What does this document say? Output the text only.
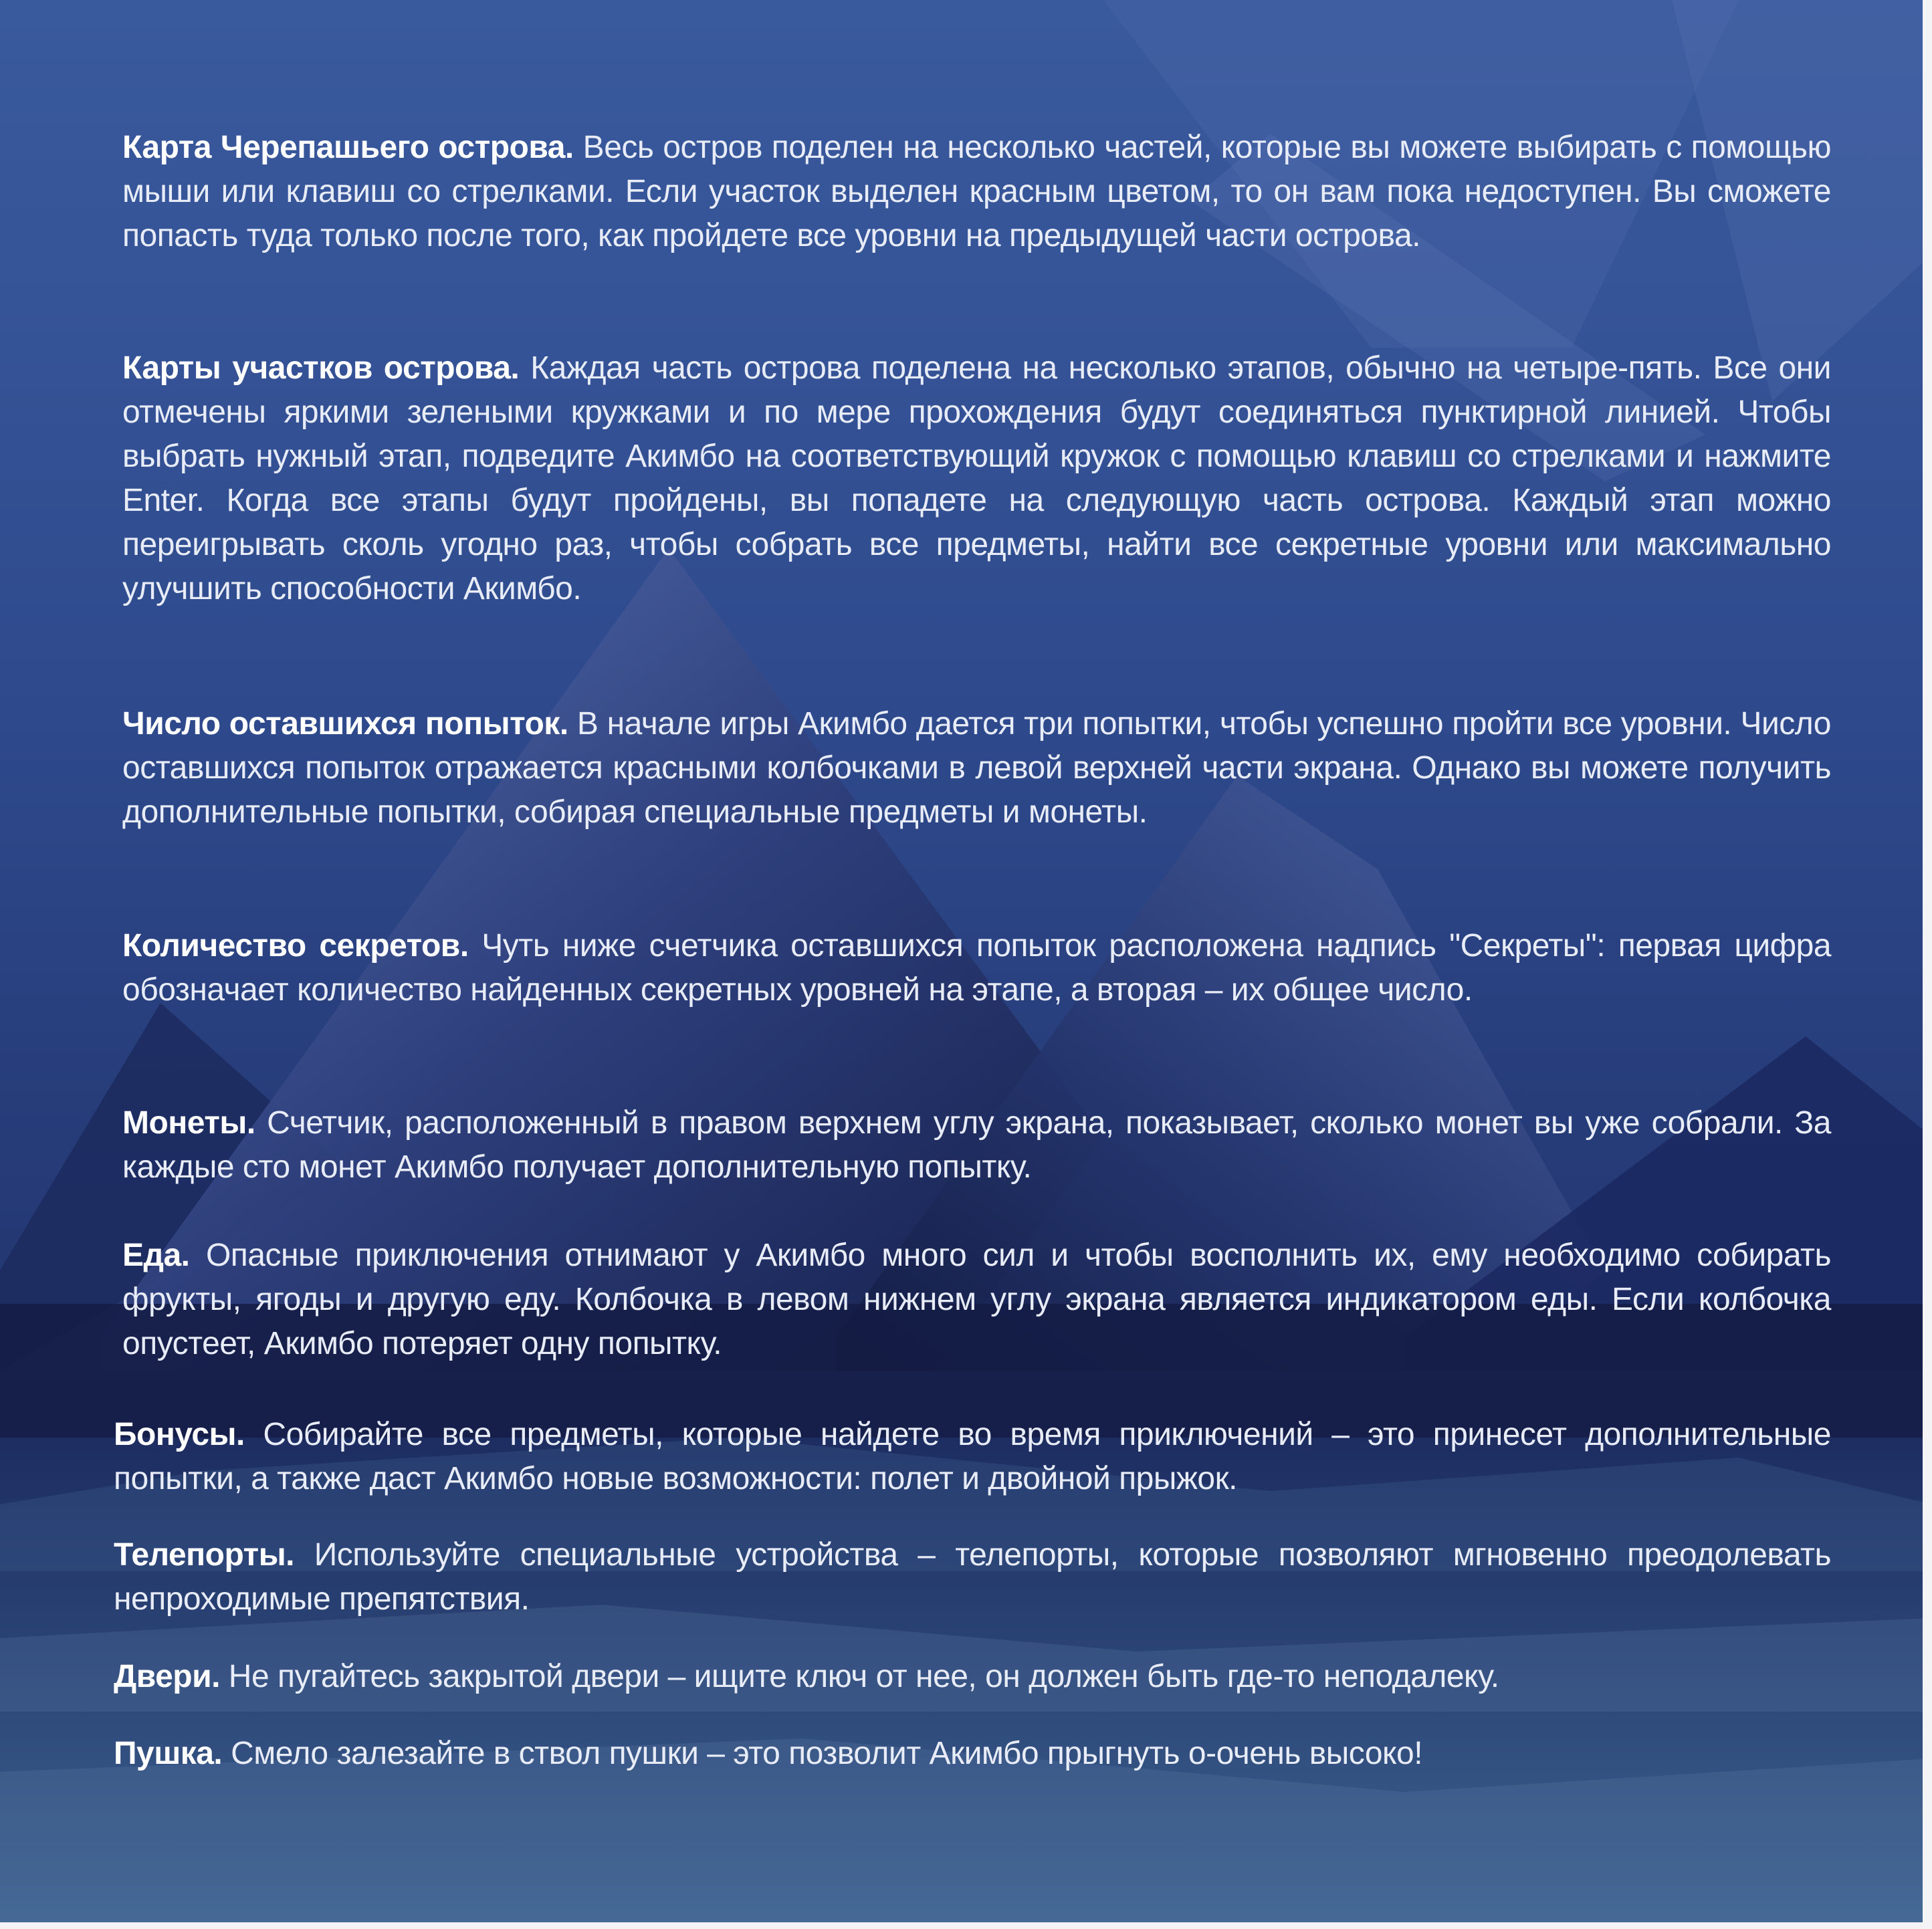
Карта Черепашьего острова. Весь остров поделен на несколько частей, которые вы можете выбирать с помощью мыши или клавиш со стрелками. Если участок выделен красным цветом, то он вам пока недоступен. Вы сможете попасть туда только после того, как пройдете все уровни на предыдущей части острова.

Карты участков острова. Каждая часть острова поделена на несколько этапов, обычно на четыре-пять. Все они отмечены яркими зелеными кружками и по мере прохождения будут соединяться пунктирной линией. Чтобы выбрать нужный этап, подведите Акимбо на соответствующий кружок с помощью клавиш со стрелками и нажмите Enter. Когда все этапы будут пройдены, вы попадете на следующую часть острова. Каждый этап можно переигрывать сколь угодно раз, чтобы собрать все предметы, найти все секретные уровни или максимально улучшить способности Акимбо.

Число оставшихся попыток. В начале игры Акимбо дается три попытки, чтобы успешно пройти все уровни. Число оставшихся попыток отражается красными колбочками в левой верхней части экрана. Однако вы можете получить дополнительные попытки, собирая специальные предметы и монеты.

Количество секретов. Чуть ниже счетчика оставшихся попыток расположена надпись "Секреты": первая цифра обозначает количество найденных секретных уровней на этапе, а вторая – их общее число.

Монеты. Счетчик, расположенный в правом верхнем углу экрана, показывает, сколько монет вы уже собрали. За каждые сто монет Акимбо получает дополнительную попытку.

Еда. Опасные приключения отнимают у Акимбо много сил и чтобы восполнить их, ему необходимо собирать фрукты, ягоды и другую еду. Колбочка в левом нижнем углу экрана является индикатором еды. Если колбочка опустеет, Акимбо потеряет одну попытку.

Бонусы. Собирайте все предметы, которые найдете во время приключений – это принесет дополнительные попытки, а также даст Акимбо новые возможности: полет и двойной прыжок.

Телепорты. Используйте специальные устройства – телепорты, которые позволяют мгновенно преодолевать непроходимые препятствия.

Двери. Не пугайтесь закрытой двери – ищите ключ от нее, он должен быть где-то неподалеку.

Пушка. Смело залезайте в ствол пушки – это позволит Акимбо прыгнуть о-очень высоко!
